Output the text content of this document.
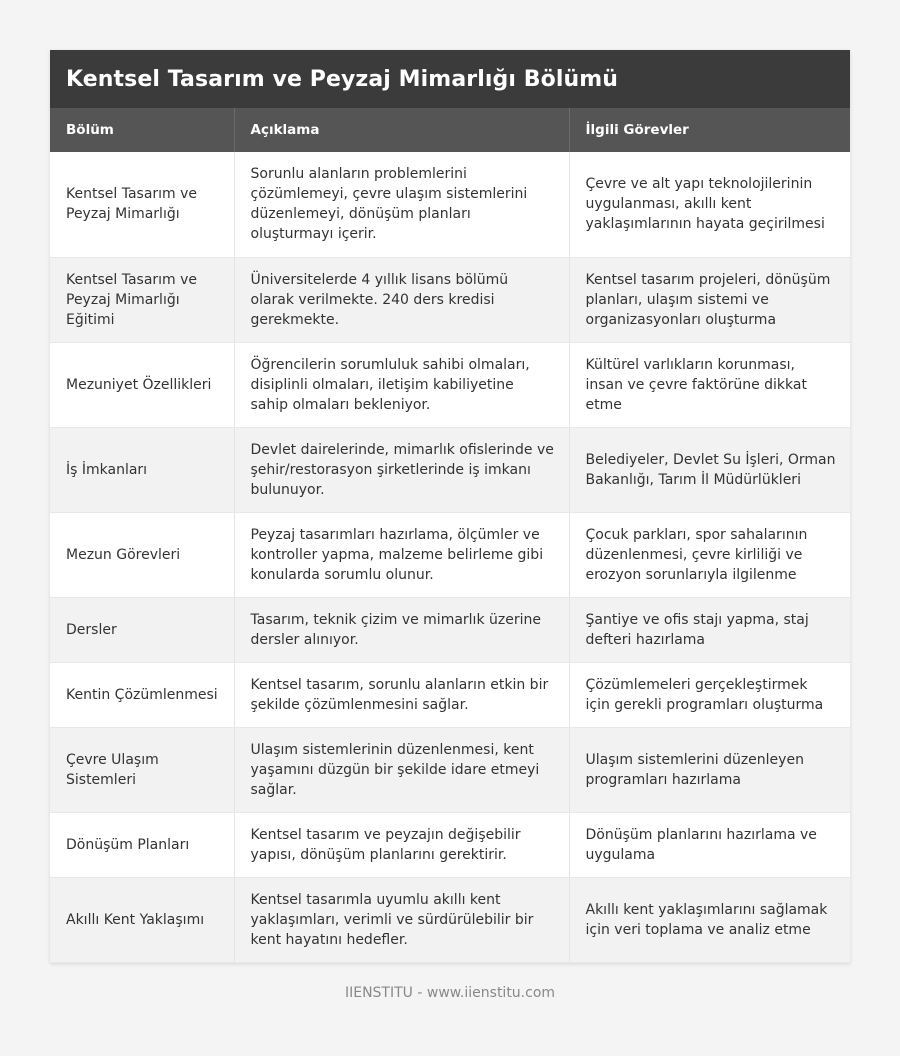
Kentsel Tasarım ve Peyzaj Mimarlığı Bölümü
Bölüm	Açıklama	İlgili Görevler
Kentsel Tasarım ve Peyzaj Mimarlığı	Sorunlu alanların problemlerini çözümlemeyi, çevre ulaşım sistemlerini düzenlemeyi, dönüşüm planları oluşturmayı içerir.	Çevre ve alt yapı teknolojilerinin uygulanması, akıllı kent yaklaşımlarının hayata geçirilmesi
Kentsel Tasarım ve Peyzaj Mimarlığı Eğitimi	Üniversitelerde 4 yıllık lisans bölümü olarak verilmekte. 240 ders kredisi gerekmekte.	Kentsel tasarım projeleri, dönüşüm planları, ulaşım sistemi ve organizasyonları oluşturma
Mezuniyet Özellikleri	Öğrencilerin sorumluluk sahibi olmaları, disiplinli olmaları, iletişim kabiliyetine sahip olmaları bekleniyor.	Kültürel varlıkların korunması, insan ve çevre faktörüne dikkat etme
İş İmkanları	Devlet dairelerinde, mimarlık ofislerinde ve şehir/restorasyon şirketlerinde iş imkanı bulunuyor.	Belediyeler, Devlet Su İşleri, Orman Bakanlığı, Tarım İl Müdürlükleri
Mezun Görevleri	Peyzaj tasarımları hazırlama, ölçümler ve kontroller yapma, malzeme belirleme gibi konularda sorumlu olunur.	Çocuk parkları, spor sahalarının düzenlenmesi, çevre kirliliği ve erozyon sorunlarıyla ilgilenme
Dersler	Tasarım, teknik çizim ve mimarlık üzerine dersler alınıyor.	Şantiye ve ofis stajı yapma, staj defteri hazırlama
Kentin Çözümlenmesi	Kentsel tasarım, sorunlu alanların etkin bir şekilde çözümlenmesini sağlar.	Çözümlemeleri gerçekleştirmek için gerekli programları oluşturma
Çevre Ulaşım Sistemleri	Ulaşım sistemlerinin düzenlenmesi, kent yaşamını düzgün bir şekilde idare etmeyi sağlar.	Ulaşım sistemlerini düzenleyen programları hazırlama
Dönüşüm Planları	Kentsel tasarım ve peyzajın değişebilir yapısı, dönüşüm planlarını gerektirir.	Dönüşüm planlarını hazırlama ve uygulama
Akıllı Kent Yaklaşımı	Kentsel tasarımla uyumlu akıllı kent yaklaşımları, verimli ve sürdürülebilir bir kent hayatını hedefler.	Akıllı kent yaklaşımlarını sağlamak için veri toplama ve analiz etme
IIENSTITU - www.iienstitu.com
